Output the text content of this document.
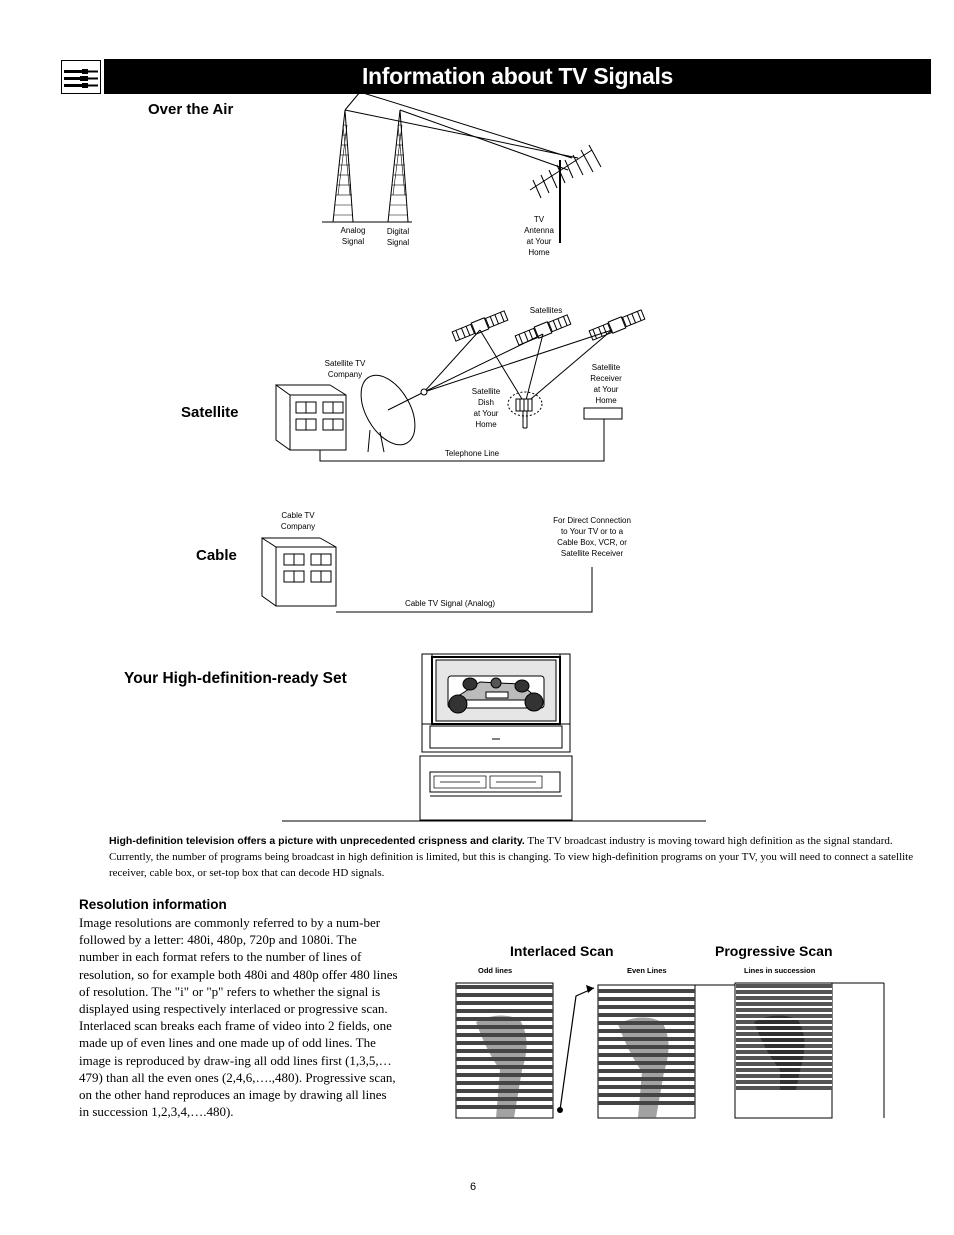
Information about TV Signals
Over the Air
Analog
Signal
Digital
Signal
TV
Antenna
at Your
Home
Satellite
Satellites
Satellite TV
Company
Satellite
Dish
at Your
Home
Satellite
Receiver
at Your
Home
Telephone Line
Cable
Cable TV
Company
For Direct Connection
to Your TV or to a
Cable Box, VCR, or
Satellite Receiver
Cable TV Signal (Analog)
Your High-definition-ready Set
High-definition television offers a picture with unprecedented crispness and clarity. The TV broadcast industry is moving toward high definition as the signal standard. Currently, the number of programs being broadcast in high definition is limited, but this is changing. To view high-definition programs on your TV, you will need to connect a satellite receiver, cable box, or set-top box that can decode HD signals.
Resolution information
Image resolutions are commonly referred to by a num-ber followed by a letter: 480i, 480p, 720p and 1080i. The number in each format refers to the number of lines of resolution, so for example both 480i and 480p offer 480 lines of resolution. The "i" or "p" refers to whether the signal is displayed using respectively interlaced or progressive scan. Interlaced scan breaks each frame of video into 2 fields, one made up of even lines and one made up of odd lines. The image is reproduced by draw-ing all odd lines first (1,3,5,…479) than all the even ones (2,4,6,….,480). Progressive scan, on the other hand reproduces an image by drawing all lines in succession 1,2,3,4,….480).
Interlaced Scan	Progressive Scan
Odd lines	Even Lines	Lines in succession
6
